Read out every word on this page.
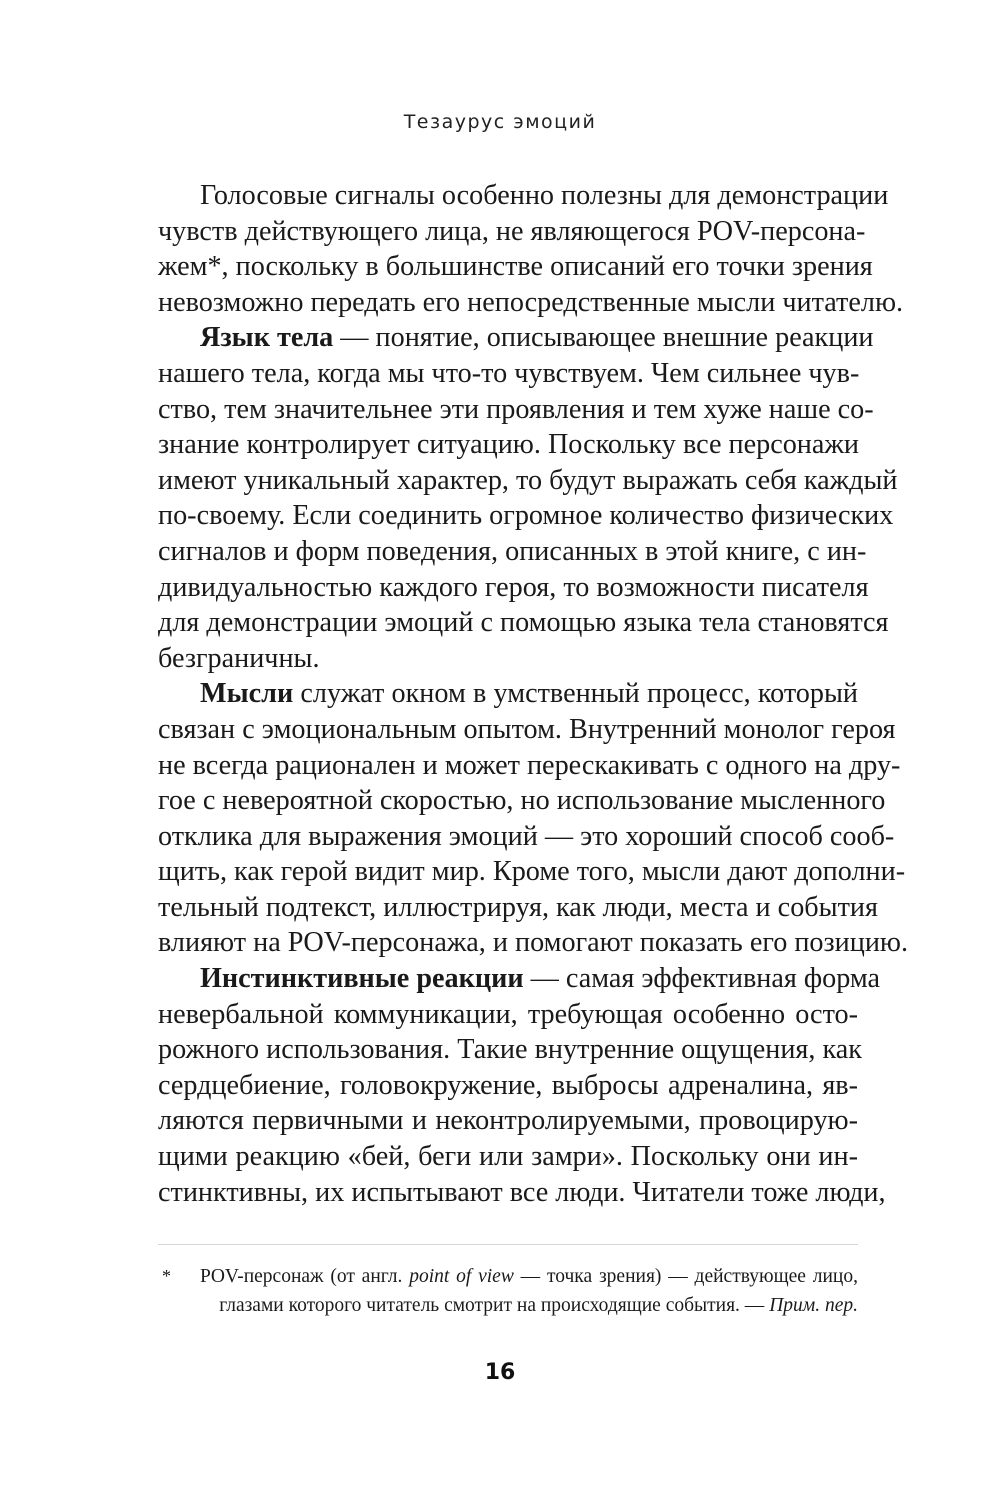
Тезаурус эмоций
Голосовые сигналы особенно полезны для демонстрации
чувств действующего лица, не являющегося POV-персона-
жем*, поскольку в большинстве описаний его точки зрения
невозможно передать его непосредственные мысли читателю.
Язык тела — понятие, описывающее внешние реакции
нашего тела, когда мы что-то чувствуем. Чем сильнее чув-
ство, тем значительнее эти проявления и тем хуже наше со-
знание контролирует ситуацию. Поскольку все персонажи
имеют уникальный характер, то будут выражать себя каждый
по-своему. Если соединить огромное количество физических
сигналов и форм поведения, описанных в этой книге, с ин-
дивидуальностью каждого героя, то возможности писателя
для демонстрации эмоций с помощью языка тела становятся
безграничны.
Мысли служат окном в умственный процесс, который
связан с эмоциональным опытом. Внутренний монолог героя
не всегда рационален и может перескакивать с одного на дру-
гое с невероятной скоростью, но использование мысленного
отклика для выражения эмоций — это хороший способ сооб-
щить, как герой видит мир. Кроме того, мысли дают дополни-
тельный подтекст, иллюстрируя, как люди, места и события
влияют на POV-персонажа, и помогают показать его позицию.
Инстинктивные реакции — самая эффективная форма
невербальной коммуникации, требующая особенно осто-
рожного использования. Такие внутренние ощущения, как
сердцебиение, головокружение, выбросы адреналина, яв-
ляются первичными и неконтролируемыми, провоцирую-
щими реакцию «бей, беги или замри». Поскольку они ин-
стинктивны, их испытывают все люди. Читатели тоже люди,
* POV-персонаж (от англ. point of view — точка зрения) — действующее лицо,
глазами которого читатель смотрит на происходящие события. — Прим. пер.
16
